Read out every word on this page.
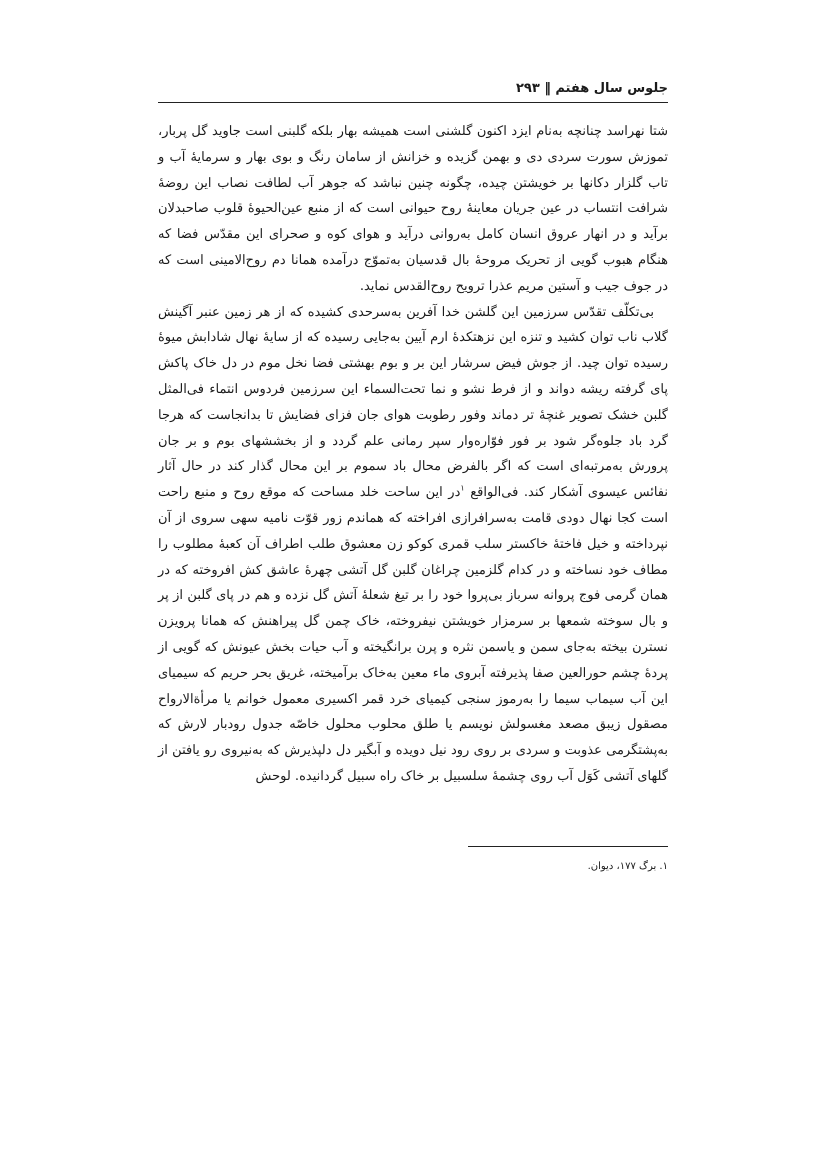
جلوس سال هفتم ‖ ۲۹۳

شتا نهراسد چنانچه به‌نام ایزد اکنون گلشنی است همیشه بهار بلکه گلبنی است جاوید گل پربار، تموزش سورت سردی دی و بهمن گزیده و خزانش از سامان رنگ و بوی بهار و سرمایهٔ آب و تاب گلزار دکانها بر خویشتن چیده، چگونه چنین نباشد که جوهر آب لطافت نصاب این روضهٔ شرافت انتساب در عین جریان معاینهٔ روح حیوانی است که از منبع عین‌الحیوهٔ قلوب صاحبدلان برآید و در انهار عروق انسان کامل به‌روانی درآید و هوای کوه و صحرای این مقدّس فضا که هنگام هبوب گویی از تحریک مروحهٔ بال قدسیان به‌تموّج درآمده همانا دم روح‌الامینی است که در جوف جیب و آستین مریم عذرا ترویح روح‌القدس نماید.

بی‌تکلّف تقدّس سرزمین این گلشن خدا آفرین به‌سرحدی کشیده که از هر زمین عنبر آگینش گلاب ناب توان کشید و تنزه این نزهتکدهٔ ارم آیین به‌جایی رسیده که از سایهٔ نهال شادابش میوهٔ رسیده توان چید. از جوش فیض سرشار این بر و بوم بهشتی فضا نخل موم در دل خاک پاکش پای گرفته ریشه دواند و از فرط نشو و نما تحت‌السماء این سرزمین فردوس انتماء فی‌المثل گلبن خشک تصویر غنچهٔ تر دماند وفور رطوبت هوای جان فزای فضایش تا بدانجاست که هرجا گرد باد جلوه‌گر شود بر فور فوّاره‌وار سپر رمانی علم گردد و از بخششهای بوم و بر جان پرورش به‌مرتبه‌ای است که اگر بالفرض محال باد سموم بر این محال گذار کند در حال آثار نفائس عیسوی آشکار کند. فی‌الواقع $^۱$در این ساحت خلد مساحت که موقع روح و منبع راحت است کجا نهال دودی قامت به‌سرافرازی افراخته که هماندم زور قوّت نامیه سهی سروی از آن نپرداخته و خیل فاختهٔ خاکستر سلب قمری کوکو زن معشوق طلب اطراف آن کعبهٔ مطلوب را مطاف خود نساخته و در کدام گلزمین چراغان گلبن گل آتشی چهرهٔ عاشق کش افروخته که در همان گرمی فوج پروانه سرباز بی‌پروا خود را بر تیغ شعلهٔ آتش گل نزده و هم در پای گلبن از پر و بال سوخته شمعها بر سرمزار خویشتن نیفروخته، خاک چمن گل پیراهنش که همانا پرویزن نسترن بیخته به‌جای سمن و یاسمن نثره و پرن برانگیخته و آب حیات بخش عیونش که گویی از پردهٔ چشم حورالعین صفا پذیرفته آبروی ماء معین به‌خاک برآمیخته، غریق بحر حریم که سیمیای این آب سیماب سیما را به‌رموز سنجی کیمیای خرد قمر اکسیری معمول خوانم یا مرأةالارواح مصقول زیبق مصعد مغسولش نویسم یا طلق محلوب محلول خاصّه جدول رودبار لارش که به‌پشتگرمی عذوبت و سردی بر روی رود نیل دویده و آبگیر دل دلپذیرش که به‌نیروی رو یافتن از گلهای آتشی کَوَل آب روی چشمهٔ سلسبیل بر خاک راه سبیل گردانیده. لوحش

۱. برگ ۱۷۷، دیوان.
